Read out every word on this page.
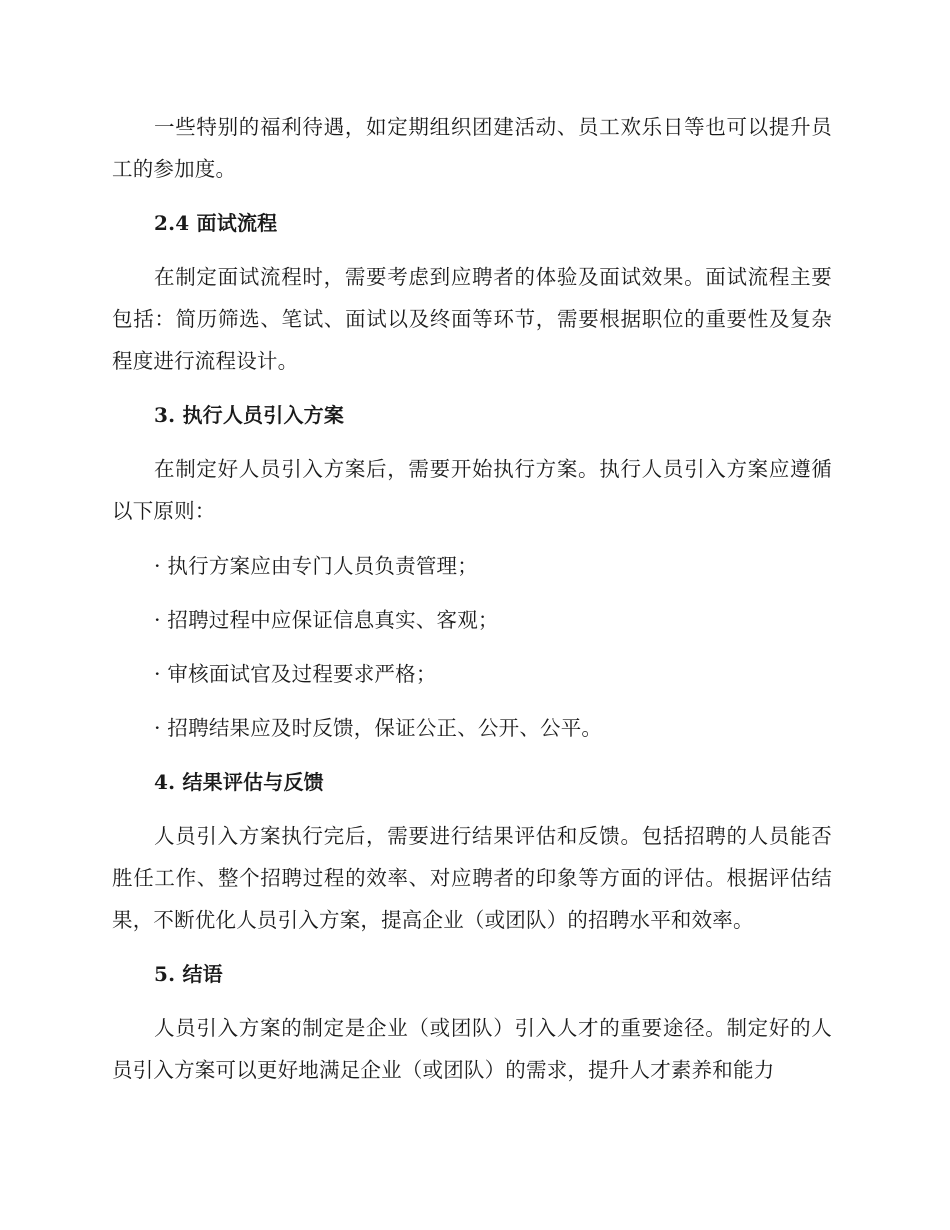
一些特别的福利待遇，如定期组织团建活动、员工欢乐日等也可以提升员工的参加度。

2.4 面试流程

在制定面试流程时，需要考虑到应聘者的体验及面试效果。面试流程主要包括：简历筛选、笔试、面试以及终面等环节，需要根据职位的重要性及复杂程度进行流程设计。

3. 执行人员引入方案

在制定好人员引入方案后，需要开始执行方案。执行人员引入方案应遵循以下原则：

· 执行方案应由专门人员负责管理；

· 招聘过程中应保证信息真实、客观；

· 审核面试官及过程要求严格；

· 招聘结果应及时反馈，保证公正、公开、公平。

4. 结果评估与反馈

人员引入方案执行完后，需要进行结果评估和反馈。包括招聘的人员能否胜任工作、整个招聘过程的效率、对应聘者的印象等方面的评估。根据评估结果，不断优化人员引入方案，提高企业（或团队）的招聘水平和效率。

5. 结语

人员引入方案的制定是企业（或团队）引入人才的重要途径。制定好的人员引入方案可以更好地满足企业（或团队）的需求，提升人才素养和能力
